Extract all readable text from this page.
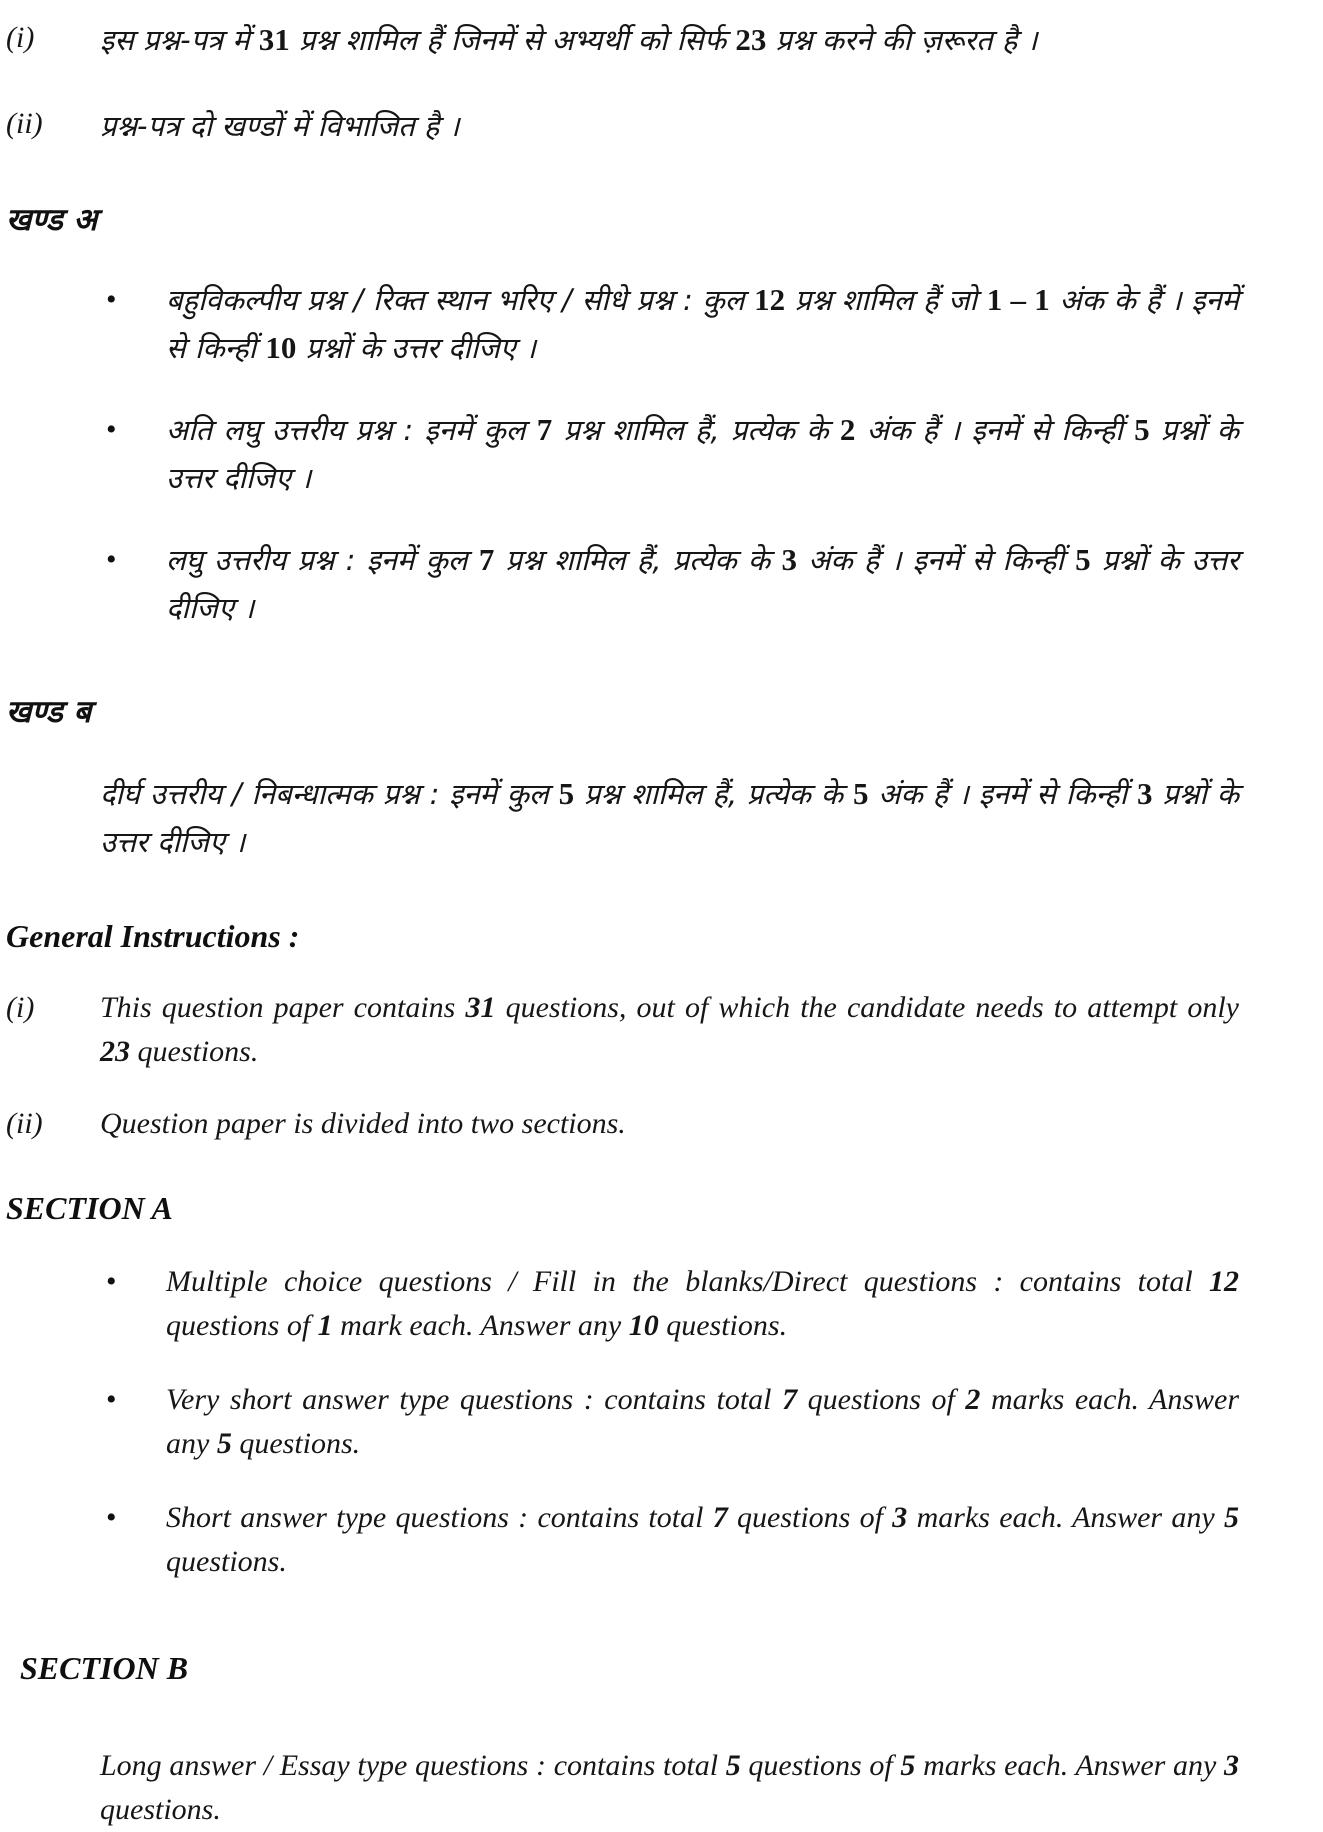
(i)	इस प्रश्न-पत्र में 31 प्रश्न शामिल हैं जिनमें से अभ्यर्थी को सिर्फ 23 प्रश्न करने की ज़रूरत है ।
(ii)	प्रश्न-पत्र दो खण्डों में विभाजित है ।
खण्ड अ
•	बहुविकल्पीय प्रश्न / रिक्त स्थान भरिए / सीधे प्रश्न : कुल 12 प्रश्न शामिल हैं जो 1 – 1 अंक के हैं । इनमें से किन्हीं 10 प्रश्नों के उत्तर दीजिए ।
•	अति लघु उत्तरीय प्रश्न : इनमें कुल 7 प्रश्न शामिल हैं, प्रत्येक के 2 अंक हैं । इनमें से किन्हीं 5 प्रश्नों के उत्तर दीजिए ।
•	लघु उत्तरीय प्रश्न : इनमें कुल 7 प्रश्न शामिल हैं, प्रत्येक के 3 अंक हैं । इनमें से किन्हीं 5 प्रश्नों के उत्तर दीजिए ।
खण्ड ब
दीर्घ उत्तरीय / निबन्धात्मक प्रश्न : इनमें कुल 5 प्रश्न शामिल हैं, प्रत्येक के 5 अंक हैं । इनमें से किन्हीं 3 प्रश्नों के उत्तर दीजिए ।
General Instructions :
(i)	This question paper contains 31 questions, out of which the candidate needs to attempt only 23 questions.
(ii)	Question paper is divided into two sections.
SECTION A
•	Multiple choice questions / Fill in the blanks/Direct questions : contains total 12 questions of 1 mark each. Answer any 10 questions.
•	Very short answer type questions : contains total 7 questions of 2 marks each. Answer any 5 questions.
•	Short answer type questions : contains total 7 questions of 3 marks each. Answer any 5 questions.
SECTION B
Long answer / Essay type questions : contains total 5 questions of 5 marks each. Answer any 3 questions.
